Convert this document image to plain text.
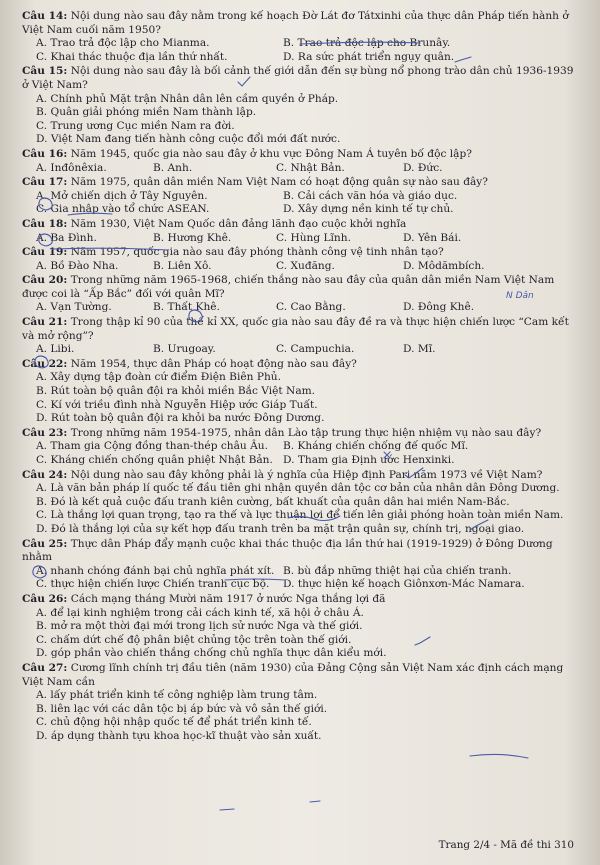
Câu 14: Nội dung nào sau đây nằm trong kế hoạch Đờ Lát đơ Tátxinhi của thực dân Pháp tiến hành ở Việt Nam cuối năm 1950?

A. Trao trả độc lập cho Mianma.	B. Trao trả độc lập cho Brunây.
C. Khai thác thuộc địa lần thứ nhất.	D. Ra sức phát triển ngụy quân.

Câu 15: Nội dung nào sau đây là bối cảnh thế giới dẫn đến sự bùng nổ phong trào dân chủ 1936-1939 ở Việt Nam?

A. Chính phủ Mặt trận Nhân dân lên cầm quyền ở Pháp.

B. Quân giải phóng miền Nam thành lập.

C. Trung ương Cục miền Nam ra đời.

D. Việt Nam đang tiến hành công cuộc đổi mới đất nước.

Câu 16: Năm 1945, quốc gia nào sau đây ở khu vực Đông Nam Á tuyên bố độc lập?

A. Inđônêxia.	B. Anh.	C. Nhật Bản.	D. Đức.

Câu 17: Năm 1975, quân dân miền Nam Việt Nam có hoạt động quân sự nào sau đây?

A. Mở chiến dịch ở Tây Nguyên.	B. Cải cách văn hóa và giáo dục.
C. Gia nhập vào tổ chức ASEAN.	D. Xây dựng nền kinh tế tự chủ.

Câu 18: Năm 1930, Việt Nam Quốc dân đảng lãnh đạo cuộc khởi nghĩa

A. Ba Đình.	B. Hương Khê.	C. Hùng Lĩnh.	D. Yên Bái.

Câu 19: Năm 1957, quốc gia nào sau đây phóng thành công vệ tinh nhân tạo?

A. Bồ Đào Nha.	B. Liên Xô.	C. Xuđăng.	D. Môdămbích.

Câu 20: Trong những năm 1965-1968, chiến thắng nào sau đây của quân dân miền Nam Việt Nam được coi là “Ấp Bắc” đối với quân Mĩ?

A. Vạn Tường.	B. Thất Khê.	C. Cao Bằng.	D. Đông Khê.

Câu 21: Trong thập kỉ 90 của thế kỉ XX, quốc gia nào sau đây đề ra và thực hiện chiến lược “Cam kết và mở rộng”?

A. Libi.	B. Urugoay.	C. Campuchia.	D. Mĩ.

Câu 22: Năm 1954, thực dân Pháp có hoạt động nào sau đây?

A. Xây dựng tập đoàn cứ điểm Điện Biên Phủ.

B. Rút toàn bộ quân đội ra khỏi miền Bắc Việt Nam.

C. Kí với triều đình nhà Nguyễn Hiệp ước Giáp Tuất.

D. Rút toàn bộ quân đội ra khỏi ba nước Đông Dương.

Câu 23: Trong những năm 1954-1975, nhân dân Lào tập trung thực hiện nhiệm vụ nào sau đây?

A. Tham gia Cộng đồng than-thép châu Âu.	B. Kháng chiến chống đế quốc Mĩ.
C. Kháng chiến chống quân phiệt Nhật Bản. D. Tham gia Định ước Henxinki.

Câu 24: Nội dung nào sau đây không phải là ý nghĩa của Hiệp định Pari năm 1973 về Việt Nam?

A. Là văn bản pháp lí quốc tế đầu tiên ghi nhận quyền dân tộc cơ bản của nhân dân Đông Dương.

B. Đó là kết quả cuộc đấu tranh kiên cường, bất khuất của quân dân hai miền Nam-Bắc.

C. Là thắng lợi quan trọng, tạo ra thế và lực thuận lợi để tiến lên giải phóng hoàn toàn miền Nam.

D. Đó là thắng lợi của sự kết hợp đấu tranh trên ba mặt trận quân sự, chính trị, ngoại giao.

Câu 25: Thực dân Pháp đẩy mạnh cuộc khai thác thuộc địa lần thứ hai (1919-1929) ở Đông Dương nhằm

A. nhanh chóng đánh bại chủ nghĩa phát xít. B. bù đắp những thiệt hại của chiến tranh.
C. thực hiện chiến lược Chiến tranh cục bộ.	D. thực hiện kế hoạch Giônxơn-Mác Namara.

Câu 26: Cách mạng tháng Mười năm 1917 ở nước Nga thắng lợi đã

A. để lại kinh nghiệm trong cải cách kinh tế, xã hội ở châu Á.

B. mở ra một thời đại mới trong lịch sử nước Nga và thế giới.

C. chấm dứt chế độ phân biệt chủng tộc trên toàn thế giới.

D. góp phần vào chiến thắng chống chủ nghĩa thực dân kiểu mới.

Câu 27: Cương lĩnh chính trị đầu tiên (năm 1930) của Đảng Cộng sản Việt Nam xác định cách mạng Việt Nam cần

A. lấy phát triển kinh tế công nghiệp làm trung tâm.

B. liên lạc với các dân tộc bị áp bức và vô sản thế giới.

C. chủ động hội nhập quốc tế để phát triển kinh tế.

D. áp dụng thành tựu khoa học-kĩ thuật vào sản xuất.

N Dân
Trang 2/4 - Mã đề thi 310
